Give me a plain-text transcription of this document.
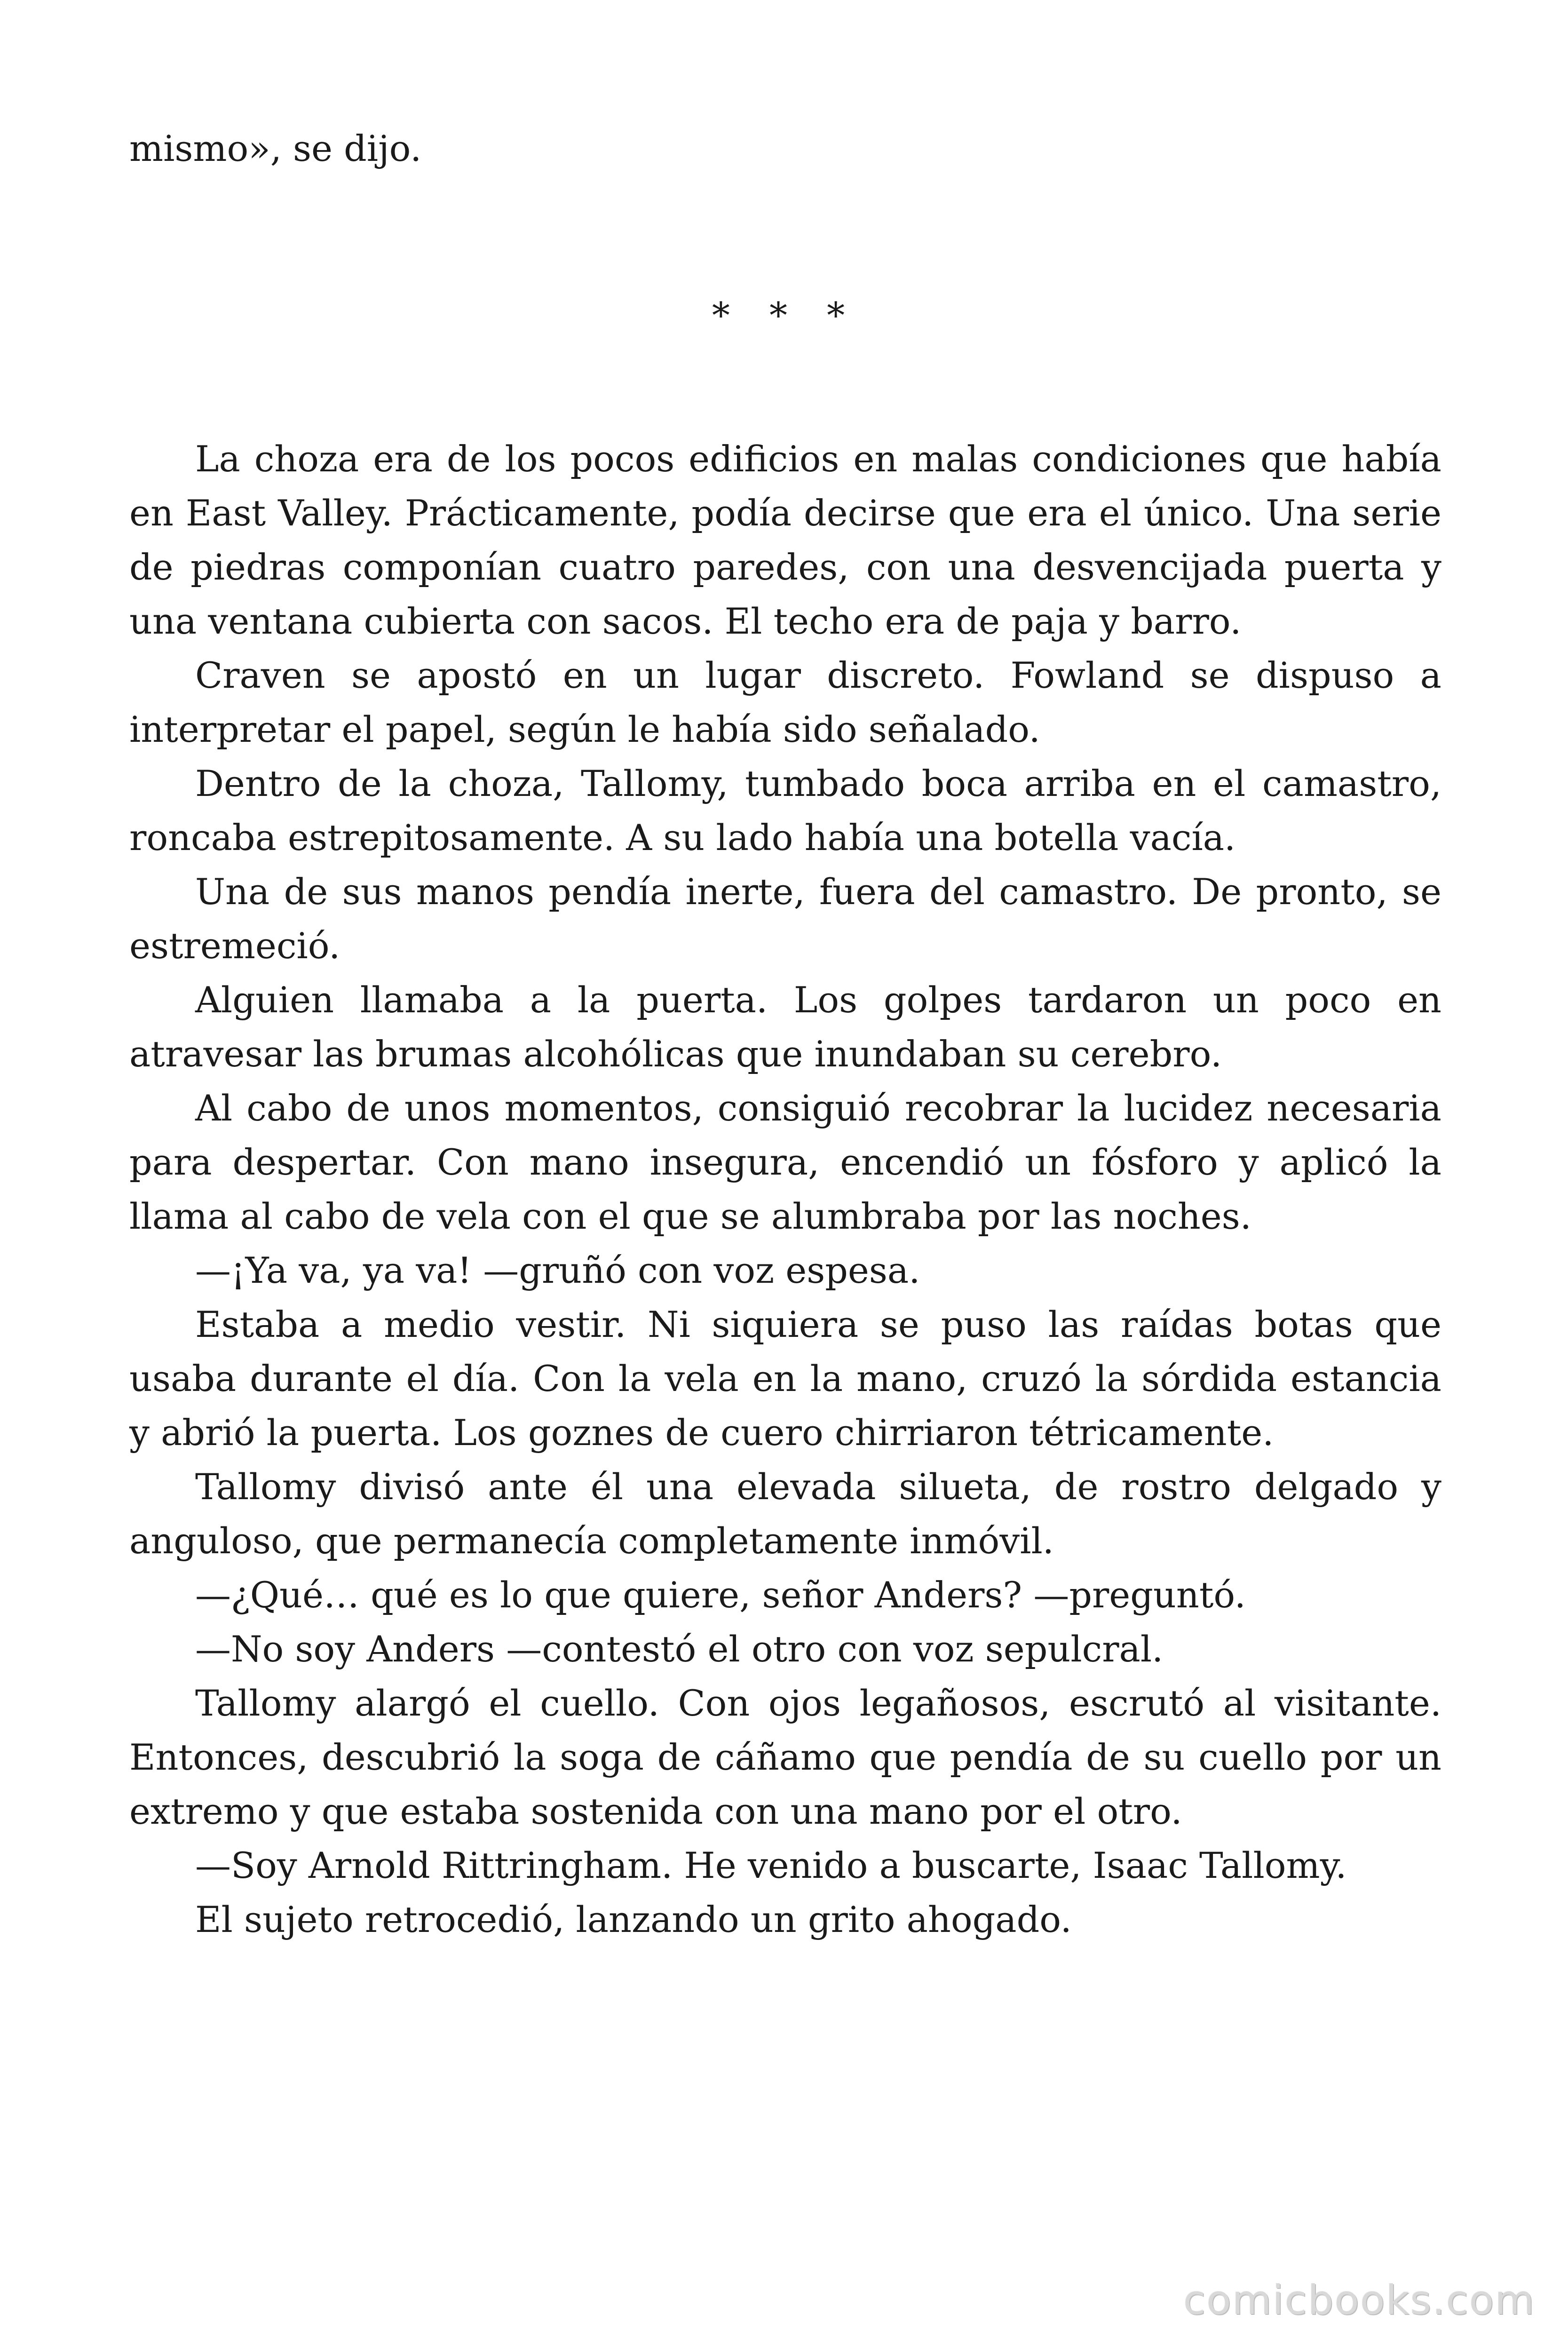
mismo», se dijo.

* * *

La choza era de los pocos edificios en malas condiciones que había en East Valley. Prácticamente, podía decirse que era el único. Una serie de piedras componían cuatro paredes, con una desvencijada puerta y una ventana cubierta con sacos. El techo era de paja y barro.

Craven se apostó en un lugar discreto. Fowland se dispuso a interpretar el papel, según le había sido señalado.

Dentro de la choza, Tallomy, tumbado boca arriba en el camastro, roncaba estrepitosamente. A su lado había una botella vacía.

Una de sus manos pendía inerte, fuera del camastro. De pronto, se estremeció.

Alguien llamaba a la puerta. Los golpes tardaron un poco en atravesar las brumas alcohólicas que inundaban su cerebro.

Al cabo de unos momentos, consiguió recobrar la lucidez necesaria para despertar. Con mano insegura, encendió un fósforo y aplicó la llama al cabo de vela con el que se alumbraba por las noches.

—¡Ya va, ya va! —gruñó con voz espesa.

Estaba a medio vestir. Ni siquiera se puso las raídas botas que usaba durante el día. Con la vela en la mano, cruzó la sórdida estancia y abrió la puerta. Los goznes de cuero chirriaron tétricamente.

Tallomy divisó ante él una elevada silueta, de rostro delgado y anguloso, que permanecía completamente inmóvil.

—¿Qué… qué es lo que quiere, señor Anders? —preguntó.

—No soy Anders —contestó el otro con voz sepulcral.

Tallomy alargó el cuello. Con ojos legañosos, escrutó al visitante. Entonces, descubrió la soga de cáñamo que pendía de su cuello por un extremo y que estaba sostenida con una mano por el otro.

—Soy Arnold Rittringham. He venido a buscarte, Isaac Tallomy.

El sujeto retrocedió, lanzando un grito ahogado.

comicbooks.com
